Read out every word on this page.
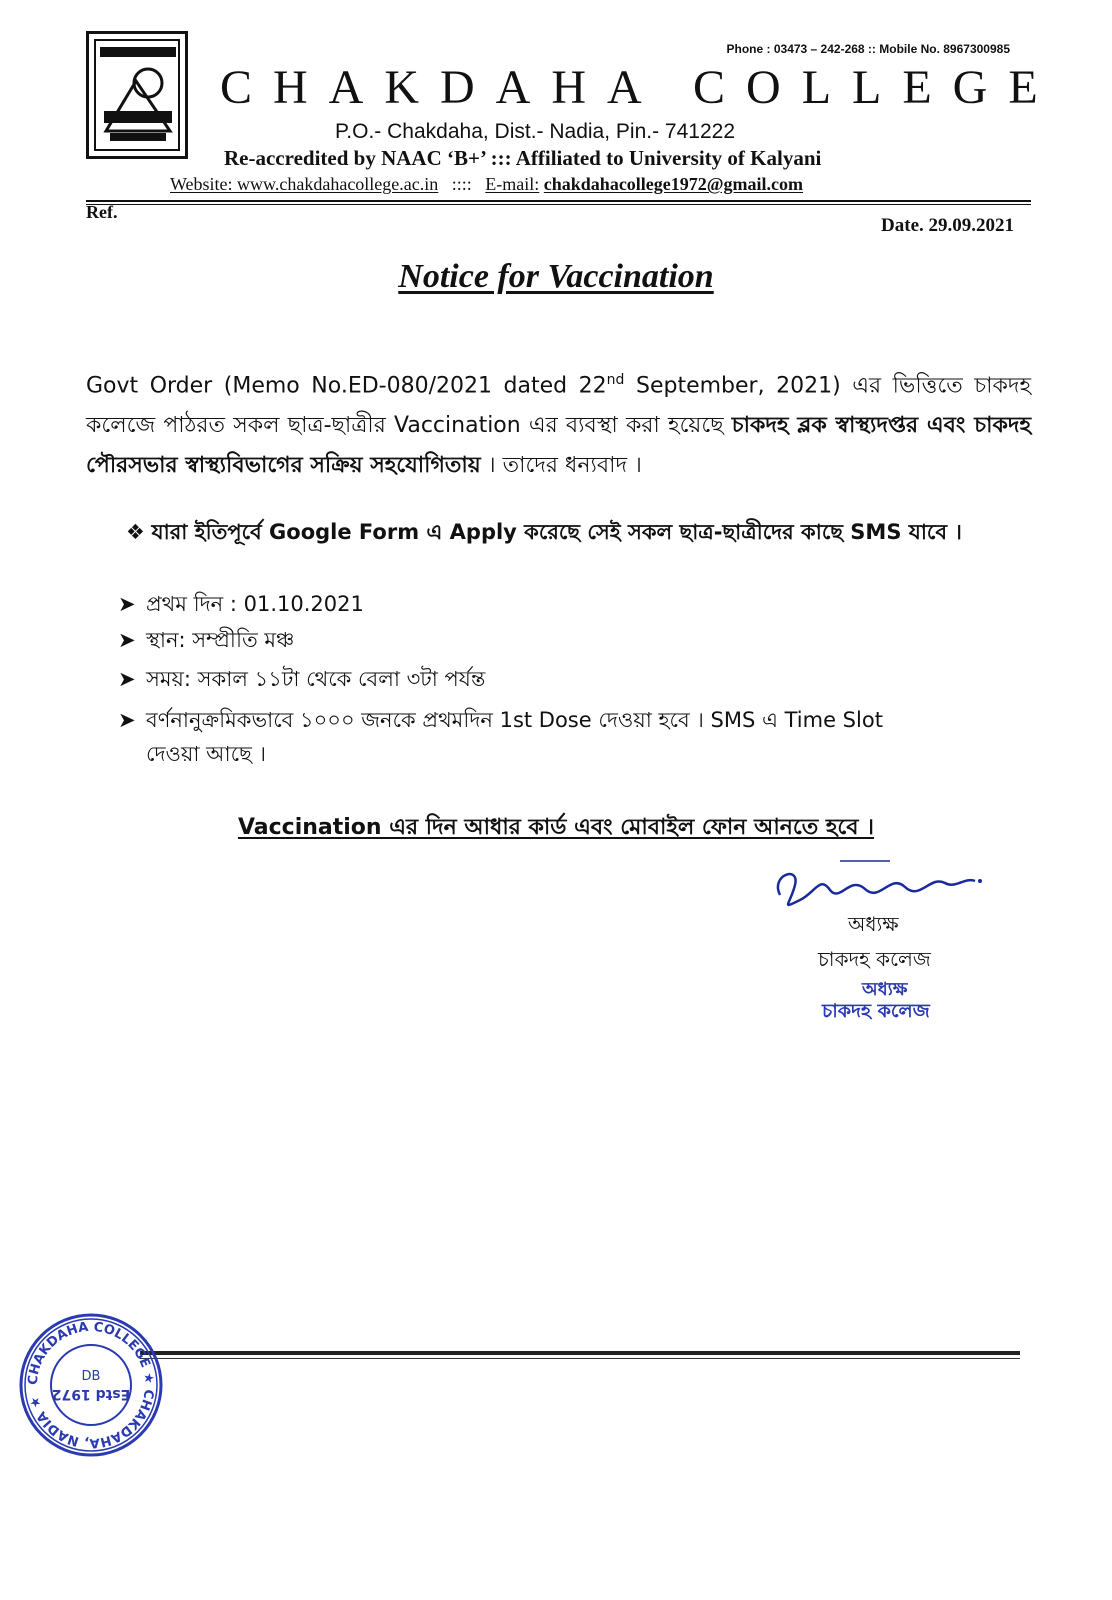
Phone : 03473 – 242-268 :: Mobile No. 8967300985
CHAKDAHA COLLEGE
P.O.- Chakdaha, Dist.- Nadia, Pin.- 741222
Re-accredited by NAAC ‘B+’ ::: Affiliated to University of Kalyani
Website: www.chakdahacollege.ac.in :::: E-mail: chakdahacollege1972@gmail.com
Ref.
Date. 29.09.2021
Notice for Vaccination
Govt Order (Memo No.ED-080/2021 dated 22nd September, 2021) এর ভিত্তিতে চাকদহ কলেজে পাঠরত সকল ছাত্র-ছাত্রীর Vaccination এর ব্যবস্থা করা হয়েছে চাকদহ ব্লক স্বাস্থ্যদপ্তর এবং চাকদহ পৌরসভার স্বাস্থ্যবিভাগের সক্রিয় সহযোগিতায় । তাদের ধন্যবাদ ।
❖ যারা ইতিপূর্বে Google Form এ Apply করেছে সেই সকল ছাত্র-ছাত্রীদের কাছে SMS যাবে ।
➤ প্রথম দিন : 01.10.2021
➤ স্থান: সম্প্রীতি মঞ্চ
➤ সময়: সকাল ১১টা থেকে বেলা ৩টা পর্যন্ত
➤ বর্ণনানুক্রমিকভাবে ১০০০ জনকে প্রথমদিন 1st Dose দেওয়া হবে । SMS এ Time Slot
দেওয়া আছে ।
Vaccination এর দিন আধার কার্ড এবং মোবাইল ফোন আনতে হবে ।
অধ্যক্ষ
চাকদহ কলেজ
অধ্যক্ষ
চাকদহ কলেজ
CHAKDAHA COLLEGE ★ CHAKDAHA, NADIA ★
DB
Estd 1972
